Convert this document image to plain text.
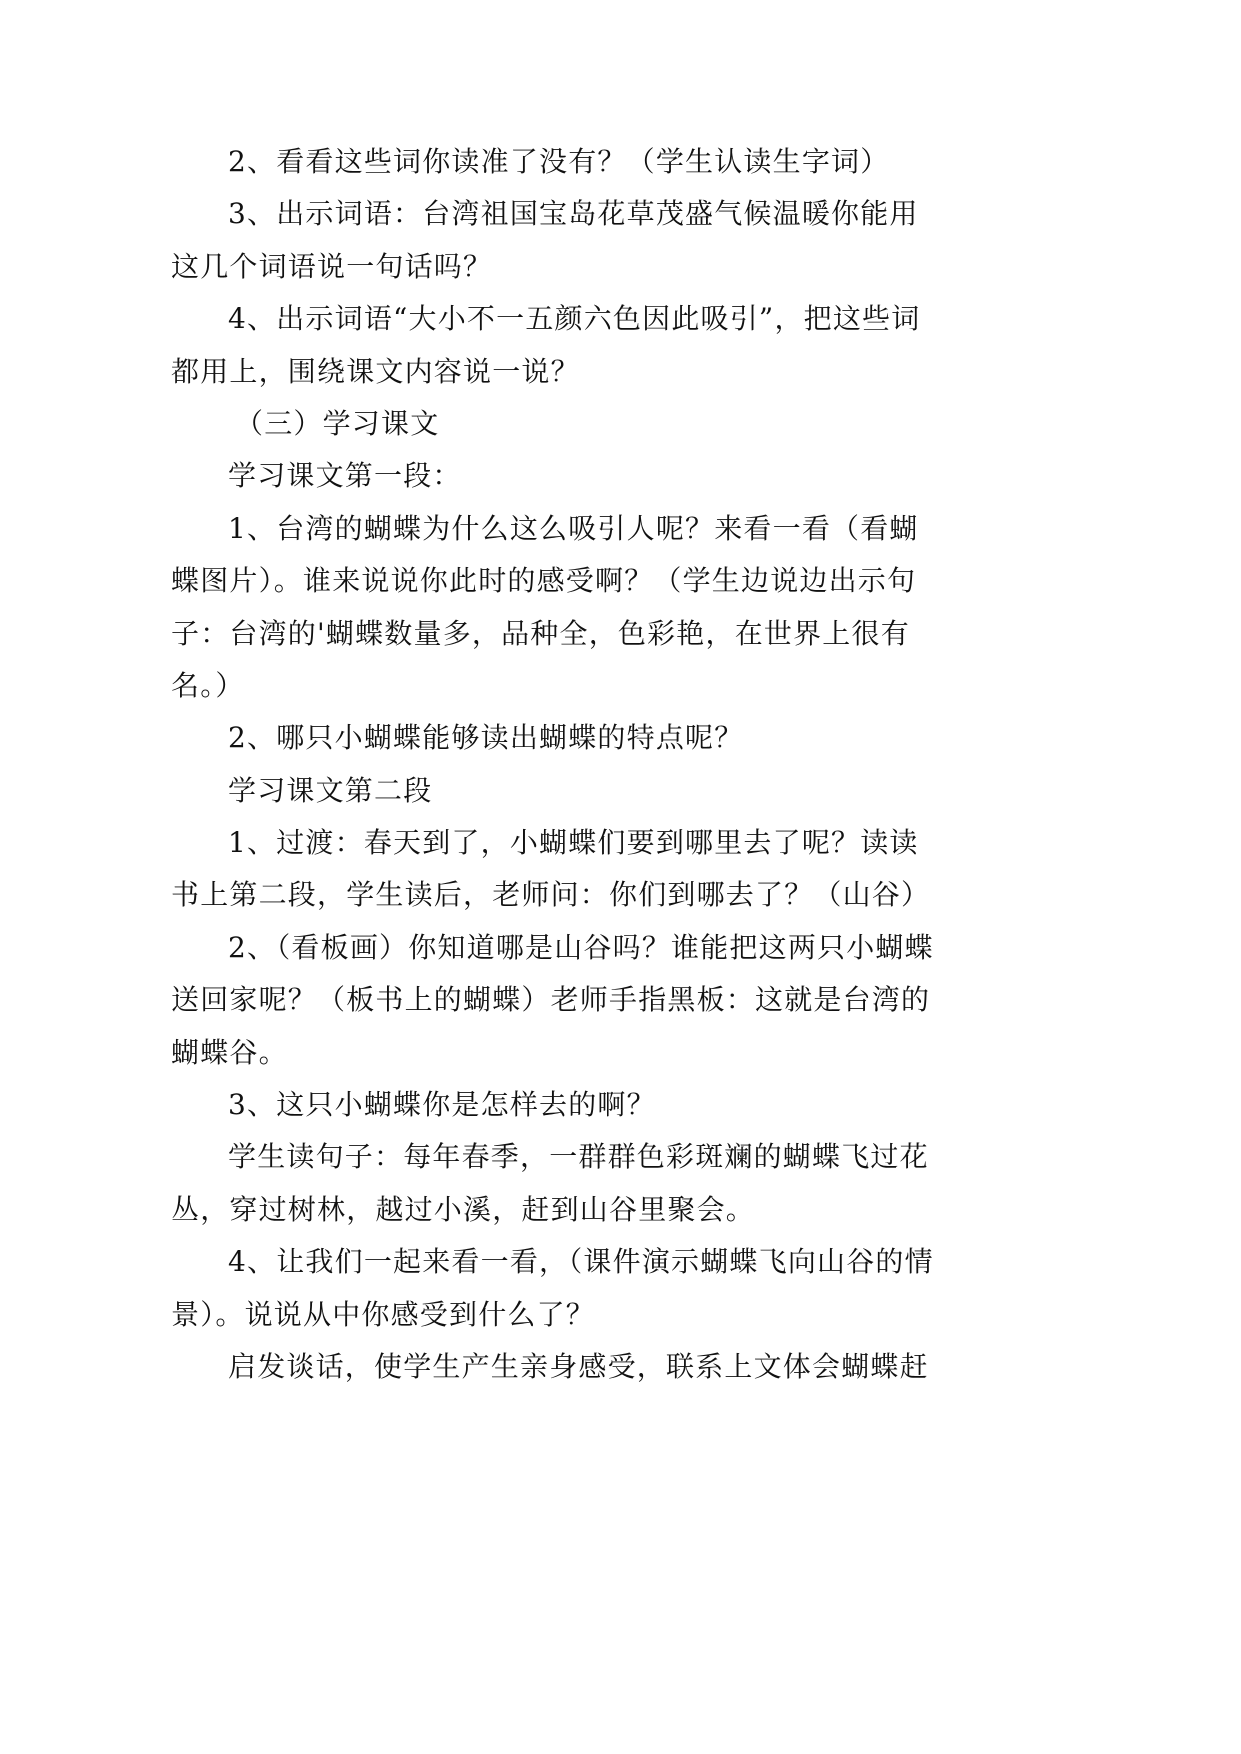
2、看看这些词你读准了没有？（学生认读生字词）
3、出示词语：台湾祖国宝岛花草茂盛气候温暖你能用
这几个词语说一句话吗？
4、出示词语“大小不一五颜六色因此吸引”，把这些词
都用上，围绕课文内容说一说？
（三）学习课文
学习课文第一段：
1、台湾的蝴蝶为什么这么吸引人呢？来看一看（看蝴
蝶图片）。谁来说说你此时的感受啊？（学生边说边出示句
子：台湾的'蝴蝶数量多，品种全，色彩艳，在世界上很有
名。）
2、哪只小蝴蝶能够读出蝴蝶的特点呢？
学习课文第二段
1、过渡：春天到了，小蝴蝶们要到哪里去了呢？读读
书上第二段，学生读后，老师问：你们到哪去了？（山谷）
2、（看板画）你知道哪是山谷吗？谁能把这两只小蝴蝶
送回家呢？（板书上的蝴蝶）老师手指黑板：这就是台湾的
蝴蝶谷。
3、这只小蝴蝶你是怎样去的啊？
学生读句子：每年春季，一群群色彩斑斓的蝴蝶飞过花
丛，穿过树林，越过小溪，赶到山谷里聚会。
4、让我们一起来看一看，（课件演示蝴蝶飞向山谷的情
景）。说说从中你感受到什么了？
启发谈话，使学生产生亲身感受，联系上文体会蝴蝶赶
